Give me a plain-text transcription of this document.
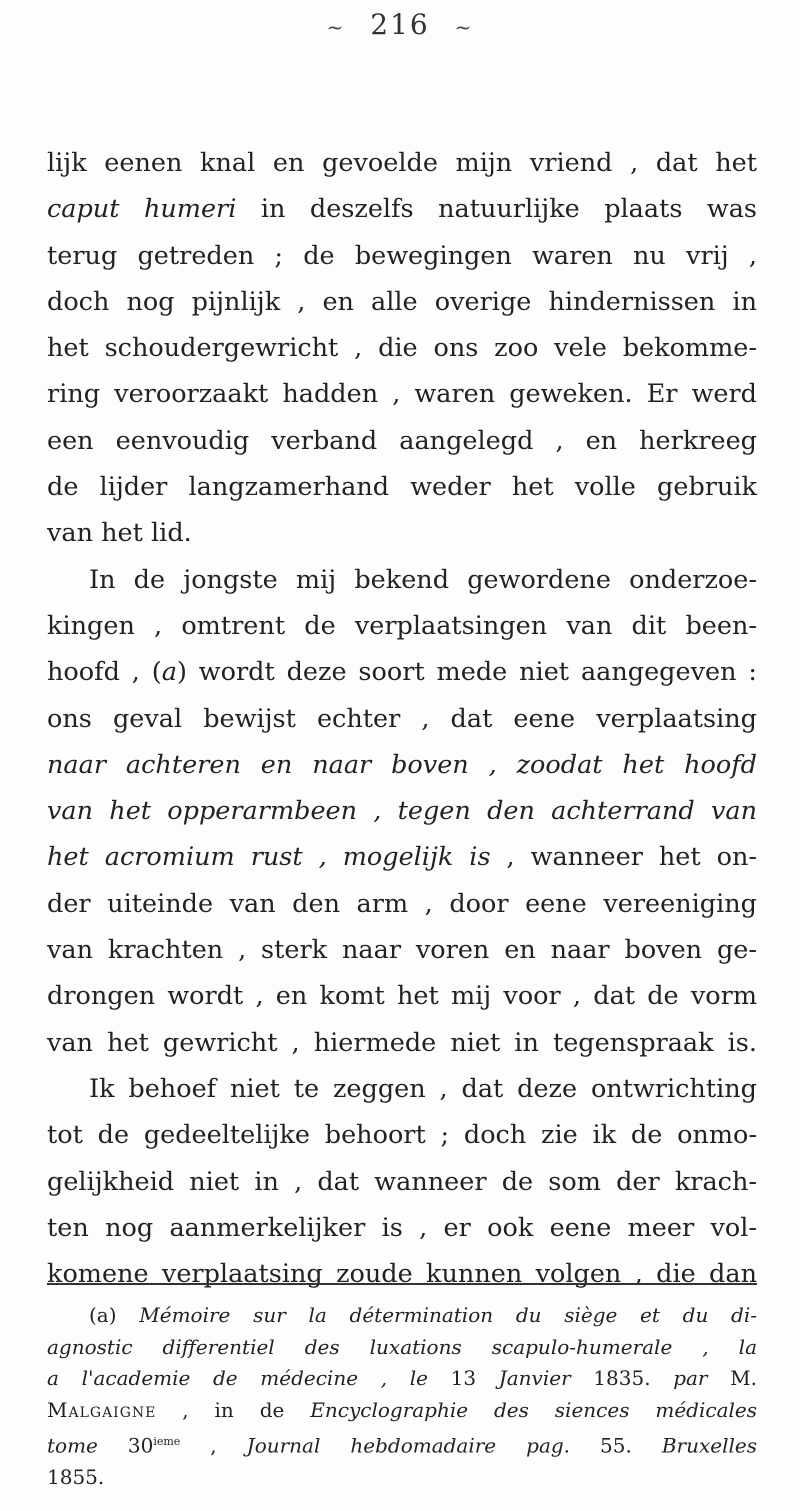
~ 216 ~
lijk eenen knal en gevoelde mijn vriend , dat het
caput humeri in deszelfs natuurlijke plaats was
terug getreden ; de bewegingen waren nu vrij ,
doch nog pijnlijk , en alle overige hindernissen in
het schoudergewricht , die ons zoo vele bekomme-
ring veroorzaakt hadden , waren geweken. Er werd
een eenvoudig verband aangelegd , en herkreeg
de lijder langzamerhand weder het volle gebruik
van het lid.
In de jongste mij bekend gewordene onderzoe-
kingen , omtrent de verplaatsingen van dit been-
hoofd , (a) wordt deze soort mede niet aangegeven :
ons geval bewijst echter , dat eene verplaatsing
naar achteren en naar boven , zoodat het hoofd
van het opperarmbeen , tegen den achterrand van
het acromium rust , mogelijk is , wanneer het on-
der uiteinde van den arm , door eene vereeniging
van krachten , sterk naar voren en naar boven ge-
drongen wordt , en komt het mij voor , dat de vorm
van het gewricht , hiermede niet in tegenspraak is.
Ik behoef niet te zeggen , dat deze ontwrichting
tot de gedeeltelijke behoort ; doch zie ik de onmo-
gelijkheid niet in , dat wanneer de som der krach-
ten nog aanmerkelijker is , er ook eene meer vol-
komene verplaatsing zoude kunnen volgen , die dan
(a) Mémoire sur la détermination du siège et du di-
agnostic differentiel des luxations scapulo-humerale , la
a l'academie de médecine , le 13 Janvier 1835. par M.
Malgaigne , in de Encyclographie des siences médicales
tome 30ieme , Journal hebdomadaire pag. 55. Bruxelles
1855.
